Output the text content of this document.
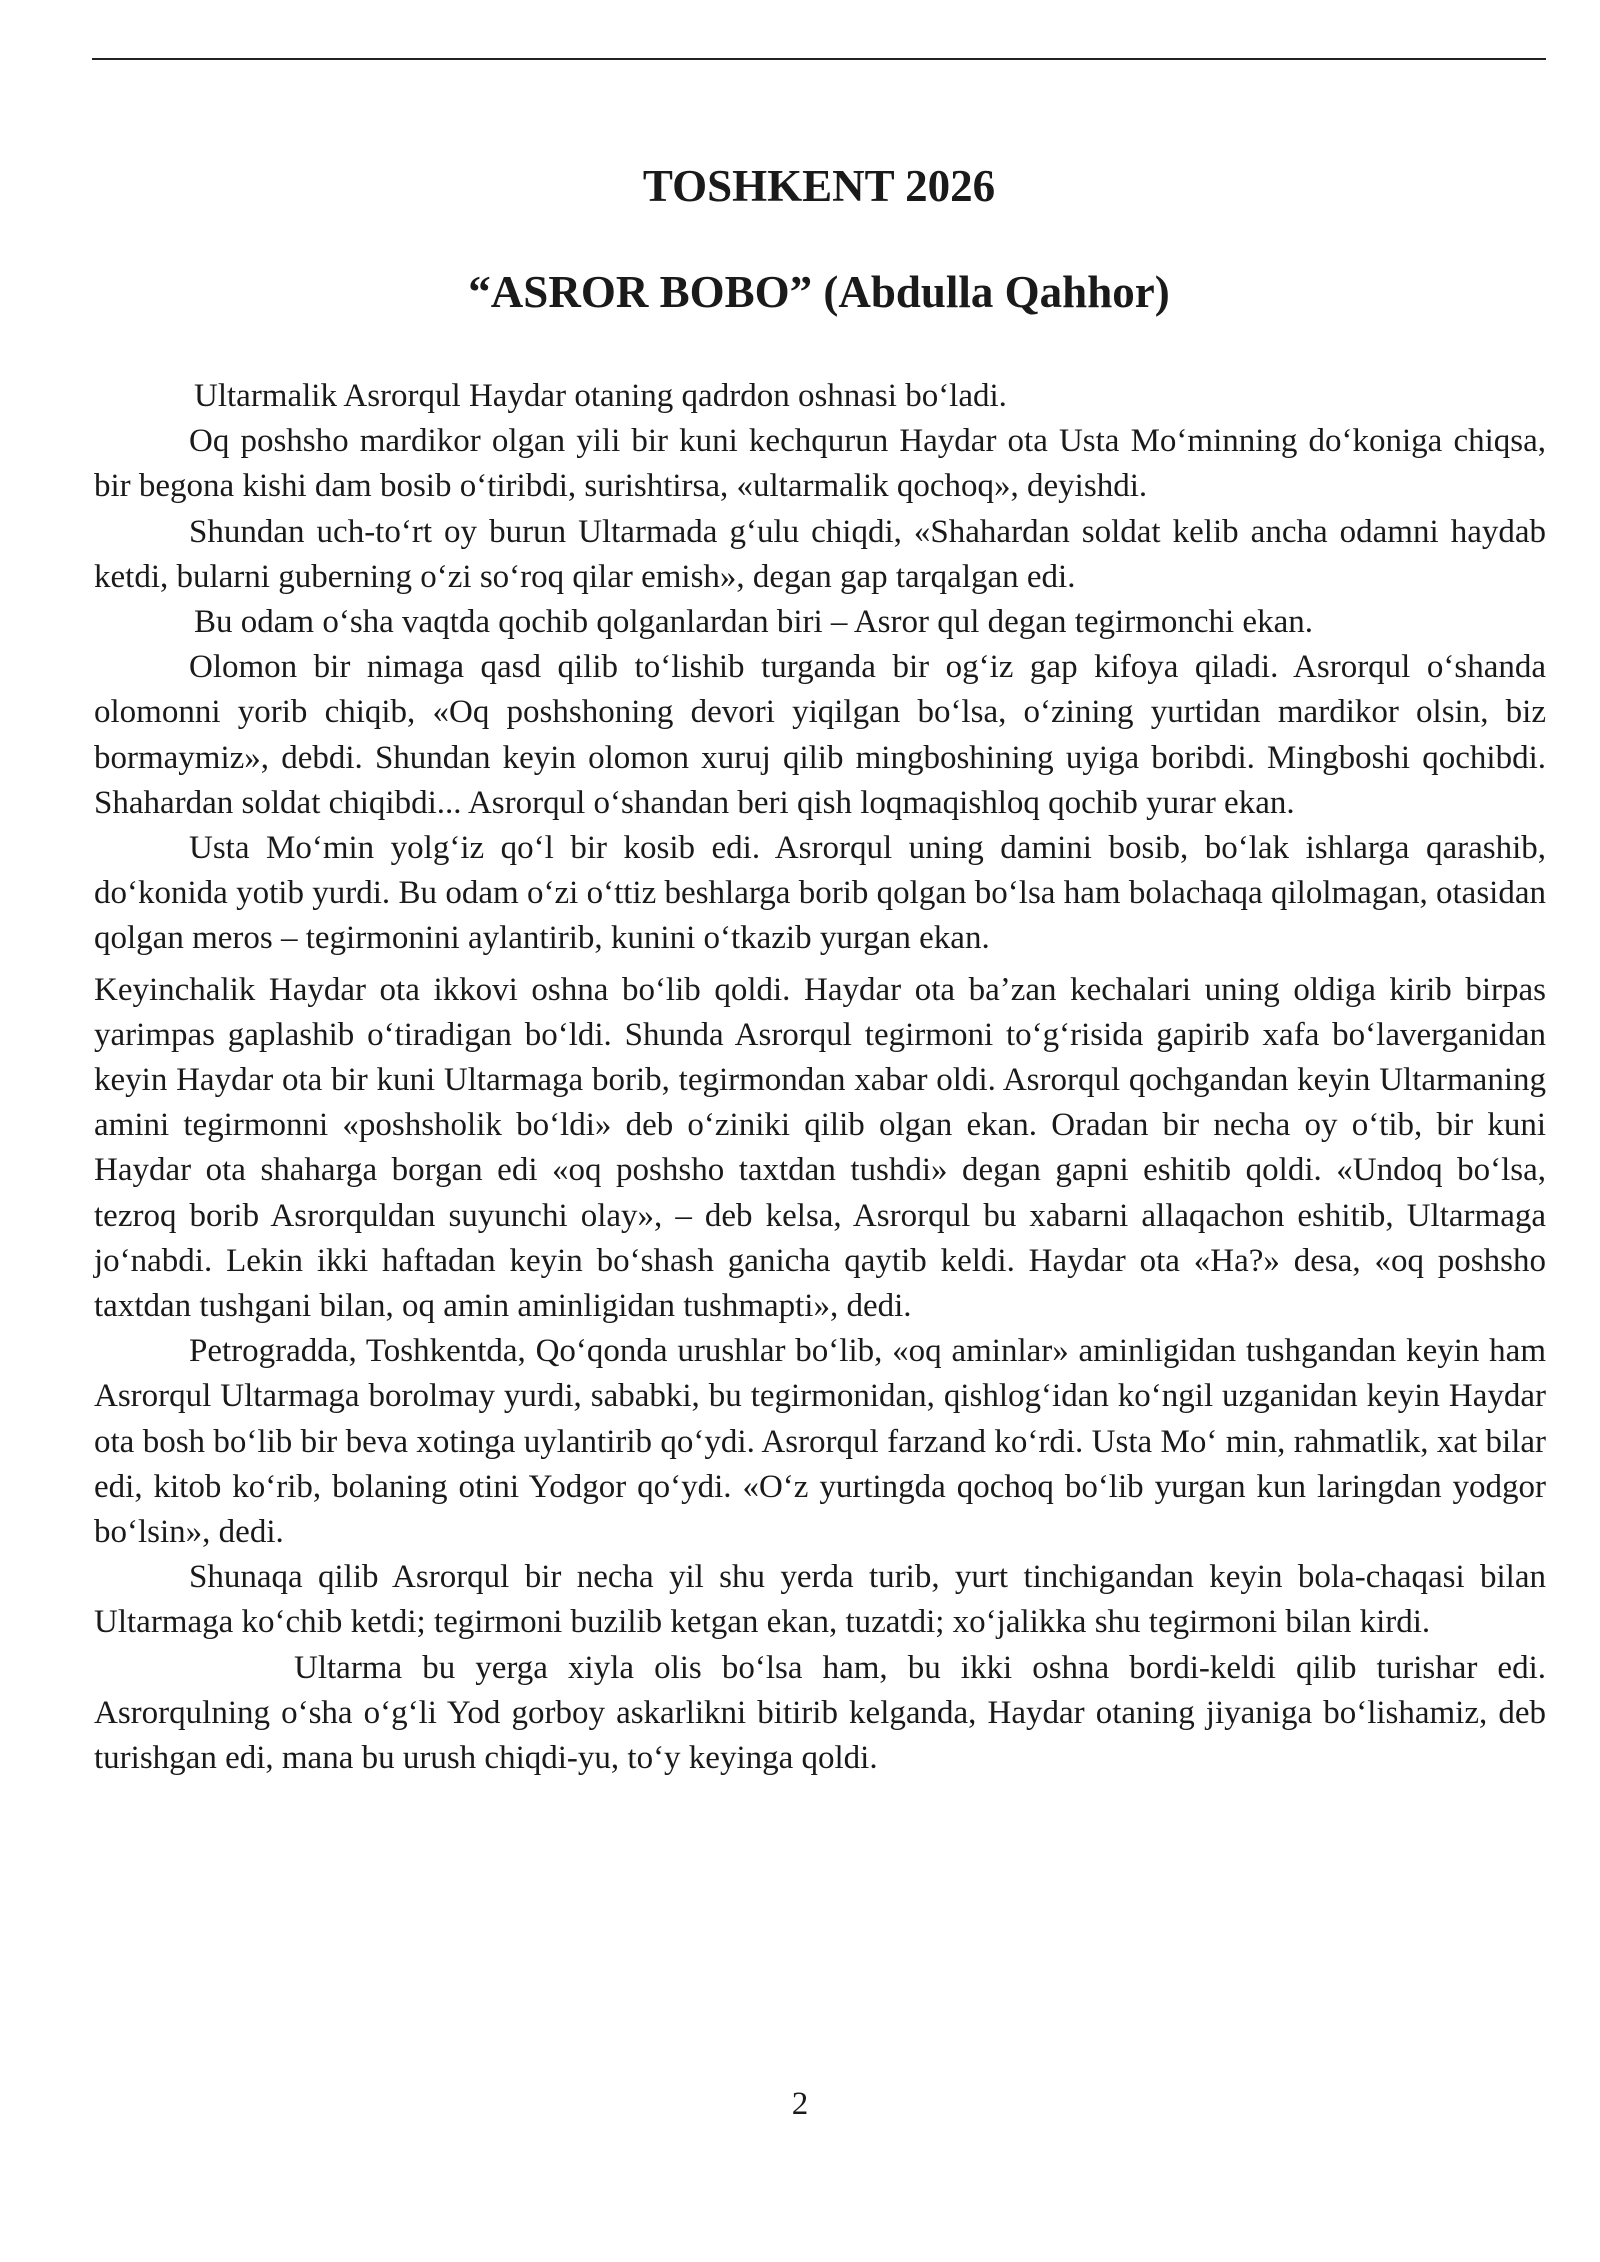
TOSHKENT 2026
“ASROR BOBO” (Abdulla Qahhor)

Ultarmalik Asrorqul Haydar otaning qadrdon oshnasi boʻladi.

Oq poshsho mardikor olgan yili bir kuni kechqurun Haydar ota Usta Moʻminning doʻkoniga chiqsa, bir begona kishi dam bosib oʻtiribdi, surishtirsa, «ultarmalik qochoq», deyishdi.

Shundan uch-toʻrt oy burun Ultarmada gʻulu chiqdi, «Shahardan soldat kelib ancha odamni haydab ketdi, bularni guberning oʻzi soʻroq qilar emish», degan gap tarqalgan edi.

Bu odam oʻsha vaqtda qochib qolganlardan biri – Asror qul degan tegirmonchi ekan.

Olomon bir nimaga qasd qilib toʻlishib turganda bir ogʻiz gap kifoya qiladi. Asrorqul oʻshanda olomonni yorib chiqib, «Oq poshshoning devori yiqilgan boʻlsa, oʻzining yurtidan mardikor olsin, biz bormaymiz», debdi. Shundan keyin olomon xuruj qilib mingboshining uyiga boribdi. Mingboshi qochibdi. Shahardan soldat chiqibdi... Asrorqul oʻshandan beri qish loqmaqishloq qochib yurar ekan.

Usta Moʻmin yolgʻiz qoʻl bir kosib edi. Asrorqul uning damini bosib, boʻlak ishlarga qarashib, doʻkonida yotib yurdi. Bu odam oʻzi oʻttiz beshlarga borib qolgan boʻlsa ham bolachaqa qilolmagan, otasidan qolgan meros – tegirmonini aylantirib, kunini oʻtkazib yurgan ekan.

Keyinchalik Haydar ota ikkovi oshna boʻlib qoldi. Haydar ota baʼzan kechalari uning oldiga kirib birpas yarimpas gaplashib oʻtiradigan boʻldi. Shunda Asrorqul tegirmoni toʻgʻrisida gapirib xafa boʻlaverganidan keyin Haydar ota bir kuni Ultarmaga borib, tegirmondan xabar oldi. Asrorqul qochgandan keyin Ultarmaning amini tegirmonni «poshsholik boʻldi» deb oʻziniki qilib olgan ekan. Oradan bir necha oy oʻtib, bir kuni Haydar ota shaharga borgan edi «oq poshsho taxtdan tushdi» degan gapni eshitib qoldi. «Undoq boʻlsa, tezroq borib Asrorquldan suyunchi olay», – deb kelsa, Asrorqul bu xabarni allaqachon eshitib, Ultarmaga joʻnabdi. Lekin ikki haftadan keyin boʻshash ganicha qaytib keldi. Haydar ota «Ha?» desa, «oq poshsho taxtdan tushgani bilan, oq amin aminligidan tushmapti», dedi.

Petrogradda, Toshkentda, Qoʻqonda urushlar boʻlib, «oq aminlar» aminligidan tushgandan keyin ham Asrorqul Ultarmaga borolmay yurdi, sababki, bu tegirmonidan, qishlogʻidan koʻngil uzganidan keyin Haydar ota bosh boʻlib bir beva xotinga uylantirib qoʻydi. Asrorqul farzand koʻrdi. Usta Moʻ min, rahmatlik, xat bilar edi, kitob koʻrib, bolaning otini Yodgor qoʻydi. «Oʻz yurtingda qochoq boʻlib yurgan kun laringdan yodgor boʻlsin», dedi.

Shunaqa qilib Asrorqul bir necha yil shu yerda turib, yurt tinchigandan keyin bola-chaqasi bilan Ultarmaga koʻchib ketdi; tegirmoni buzilib ketgan ekan, tuzatdi; xoʻjalikka shu tegirmoni bilan kirdi.

Ultarma bu yerga xiyla olis boʻlsa ham, bu ikki oshna bordi-keldi qilib turishar edi. Asrorqulning oʻsha oʻgʻli Yod gorboy askarlikni bitirib kelganda, Haydar otaning jiyaniga boʻlishamiz, deb turishgan edi, mana bu urush chiqdi-yu, toʻy keyinga qoldi.

2
